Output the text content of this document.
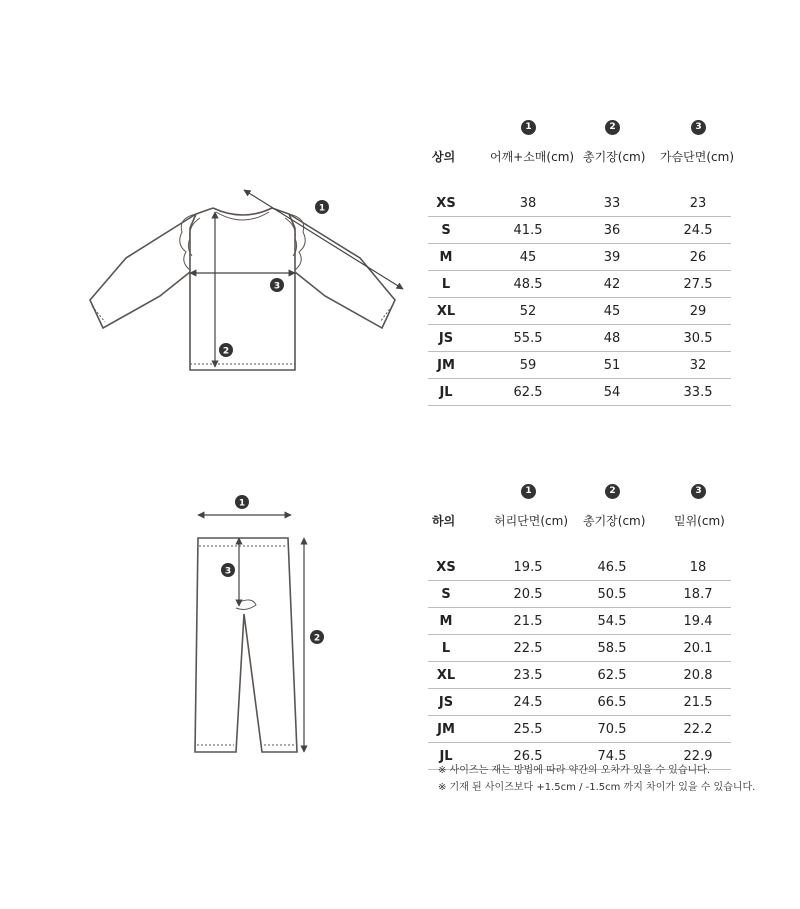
1
2
3
1
2
3
1	2	3
상의	어깨+소매(cm) 총기장(cm) 가슴단면(cm)
XS	38	33	23
S	41.5	36	24.5
M	45	39	26
L	48.5	42	27.5
XL	52	45	29
JS	55.5	48	30.5
JM	59	51	32
JL	62.5	54	33.5
1	2	3
하의	허리단면(cm) 총기장(cm) 밑위(cm)
XS	19.5	46.5	18
S	20.5	50.5	18.7
M	21.5	54.5	19.4
L	22.5	58.5	20.1
XL	23.5	62.5	20.8
JS	24.5	66.5	21.5
JM	25.5	70.5	22.2
JL	26.5	74.5	22.9
※ 사이즈는 재는 방법에 따라 약간의 오차가 있을 수 있습니다.
※ 기재 된 사이즈보다 +1.5cm / -1.5cm 까지 차이가 있을 수 있습니다.
